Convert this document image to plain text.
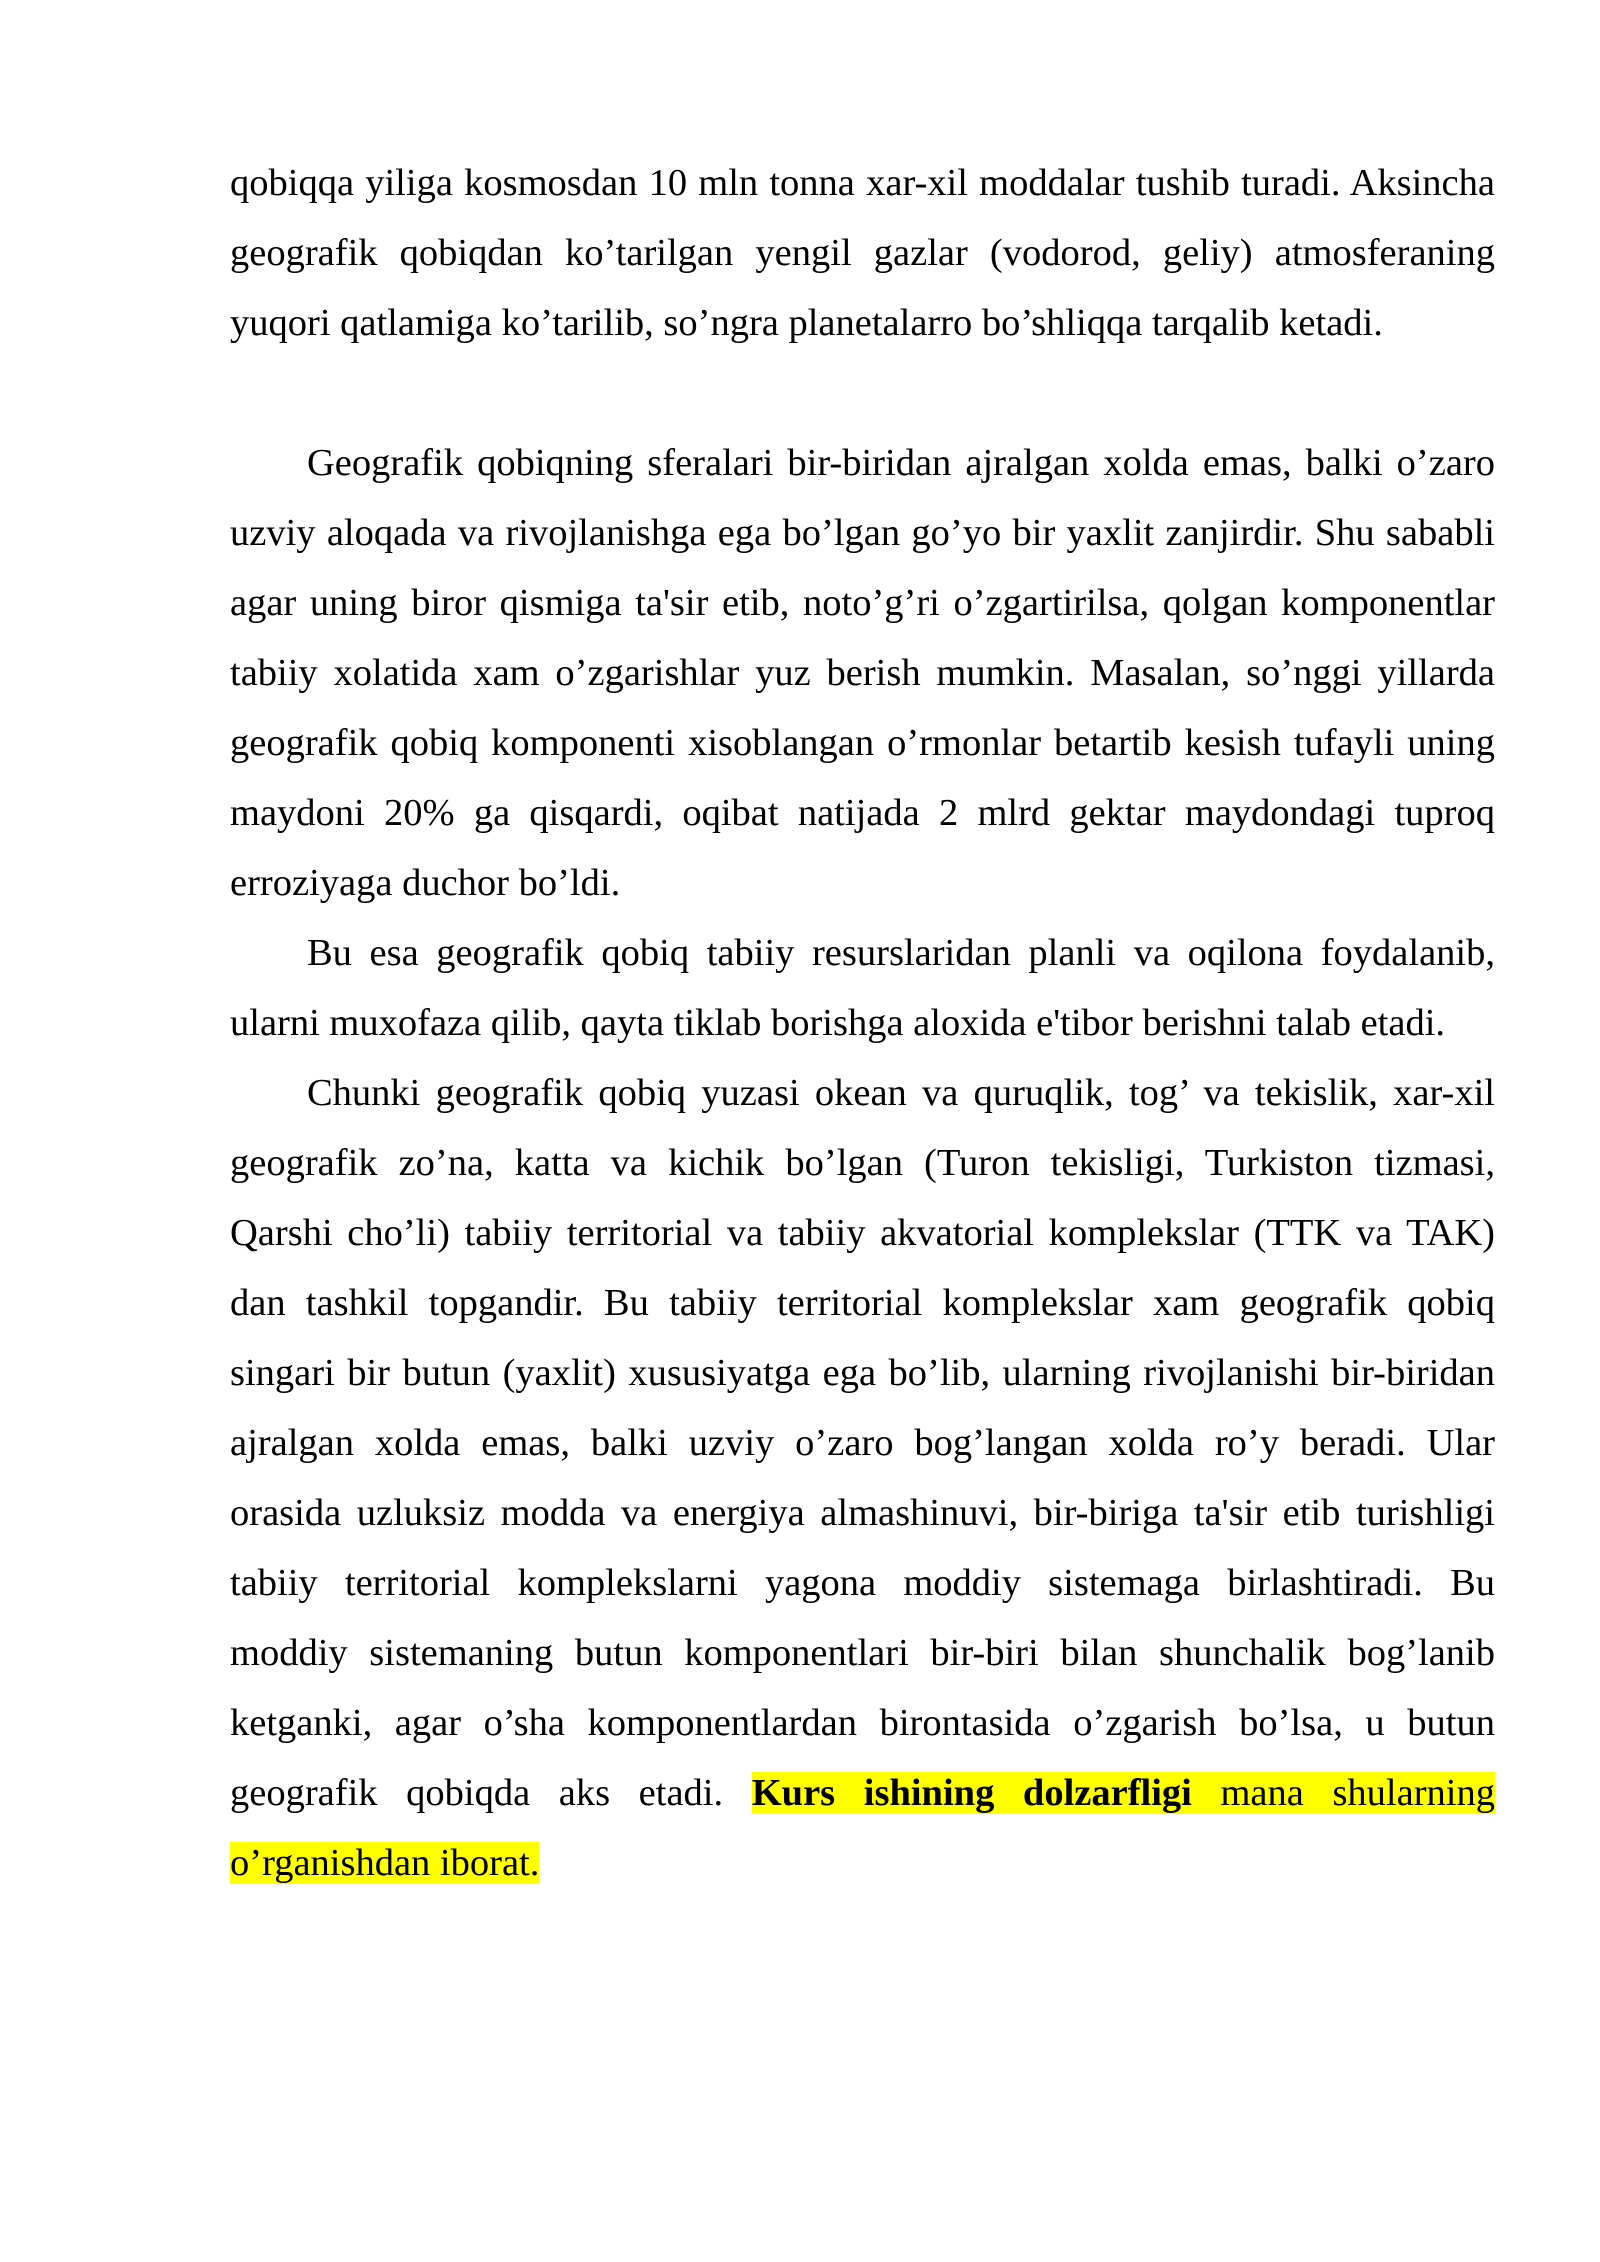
qobiqqa yiligа kosmosdan 10 mln tonna xar-xil moddalar tushib turadi. Aksincha geografik qobiqdan ko’tarilgan yengil gazlar (vodorod, geliy) atmosferaning yuqori qatlamiga ko’tarilib, so’ngra planetalarro bo’shliqqa tarqalib ketadi.

Geografik qobiqning sferalari bir-biridan ajralgan xolda emas, balki o’zaro uzviy aloqada va rivojlanishga ega bo’lgan go’yo bir yaxlit zanjirdir. Shu sababli agar uning biror qismiga ta'sir etib, noto’g’ri o’zgartirilsa, qolgan komponentlar tabiiy xolatida xam o’zgarishlar yuz berish mumkin. Masalan, so’nggi yillarda geografik qobiq komponenti xisoblangan o’rmonlar betartib kesish tufayli uning maydoni 20% ga qisqardi, oqibat natijada 2 mlrd gektar maydondagi tuproq erroziyaga duchor bo’ldi.

Bu esa geografik qobiq tabiiy resurslaridan planli va oqilona foydalanib, ularni muxofaza qilib, qayta tiklab borishga aloxida e'tibor berishni talab etadi.

Chunki geografik qobiq yuzasi okean va quruqlik, tog’ va tekislik, xar-xil geografik zo’na, katta va kichik bo’lgan (Turon tekisligi, Turkiston tizmasi, Qarshi cho’li) tabiiy territorial va tabiiy akvatorial komplekslar (TTK va TAK) dan tashkil topgandir. Bu tabiiy territorial komplekslar xam geografik qobiq singari bir butun (yaxlit) xususiyatga ega bo’lib, ularning rivojlanishi bir-biridan ajralgan xolda emas, balki uzviy o’zaro bog’langan xolda ro’y beradi. Ular orasida uzluksiz modda va energiya almashinuvi, bir-biriga ta'sir etib turishligi tabiiy territorial komplekslarni yagona moddiy sistemaga birlashtiradi. Bu moddiy sistemaning butun komponentlari bir-biri bilan shunchalik bog’lanib ketganki, agar o’sha komponentlardan birontasida o’zgarish bo’lsa, u butun geografik qobiqda aks etadi. Kurs ishining dolzarfligi mana shularning o’rganishdan iborat.
